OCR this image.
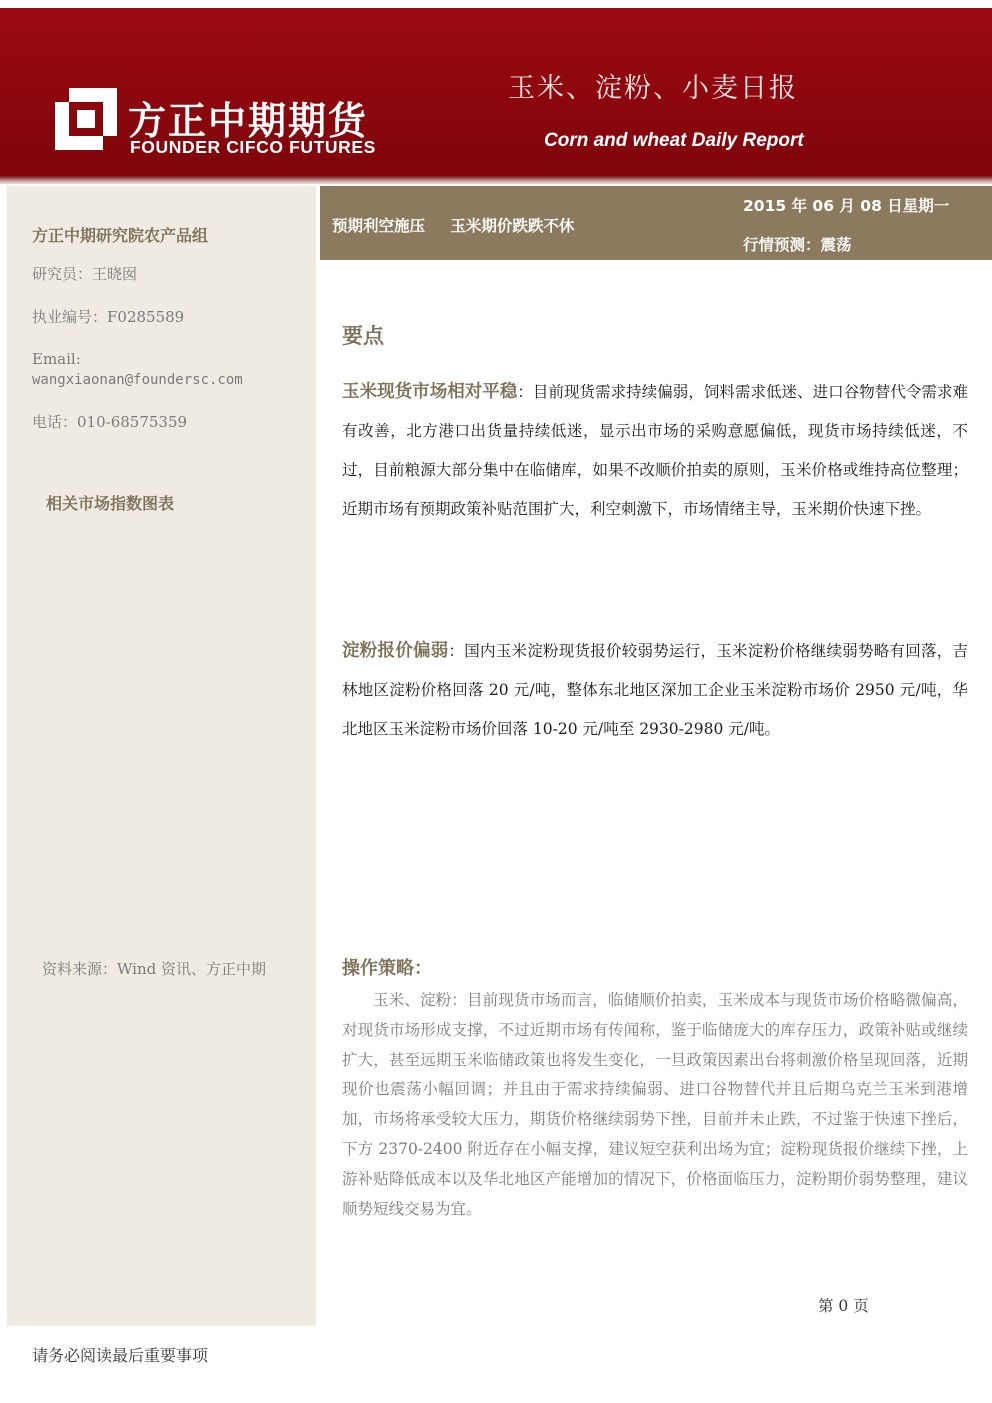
方正中期期货
FOUNDER CIFCO FUTURES
玉米、淀粉、小麦日报
Corn and wheat Daily Report
方正中期研究院农产品组
研究员：王晓囡
执业编号：F0285589
Email:
wangxiaonan@foundersc.com
电话：010-68575359
相关市场指数图表
资料来源：Wind 资讯、方正中期
预期利空施压 玉米期价跌跌不休
2015 年 06 月 08 日星期一
行情预测：震荡
要点
玉米现货市场相对平稳：目前现货需求持续偏弱，饲料需求低迷、进口谷物替代令需求难有改善，北方港口出货量持续低迷，显示出市场的采购意愿偏低，现货市场持续低迷，不过，目前粮源大部分集中在临储库，如果不改顺价拍卖的原则，玉米价格或维持高位整理；近期市场有预期政策补贴范围扩大，利空刺激下，市场情绪主导，玉米期价快速下挫。
淀粉报价偏弱：国内玉米淀粉现货报价较弱势运行，玉米淀粉价格继续弱势略有回落，吉林地区淀粉价格回落 20 元/吨，整体东北地区深加工企业玉米淀粉市场价 2950 元/吨，华北地区玉米淀粉市场价回落 10-20 元/吨至 2930-2980 元/吨。
操作策略：
玉米、淀粉：目前现货市场而言，临储顺价拍卖，玉米成本与现货市场价格略微偏高，对现货市场形成支撑，不过近期市场有传闻称，鉴于临储庞大的库存压力，政策补贴或继续扩大，甚至远期玉米临储政策也将发生变化，一旦政策因素出台将刺激价格呈现回落，近期现价也震荡小幅回调；并且由于需求持续偏弱、进口谷物替代并且后期乌克兰玉米到港增加，市场将承受较大压力，期货价格继续弱势下挫，目前并未止跌，不过鉴于快速下挫后，下方 2370-2400 附近存在小幅支撑，建议短空获利出场为宜；淀粉现货报价继续下挫，上游补贴降低成本以及华北地区产能增加的情况下，价格面临压力，淀粉期价弱势整理，建议顺势短线交易为宜。
第 0 页
请务必阅读最后重要事项
